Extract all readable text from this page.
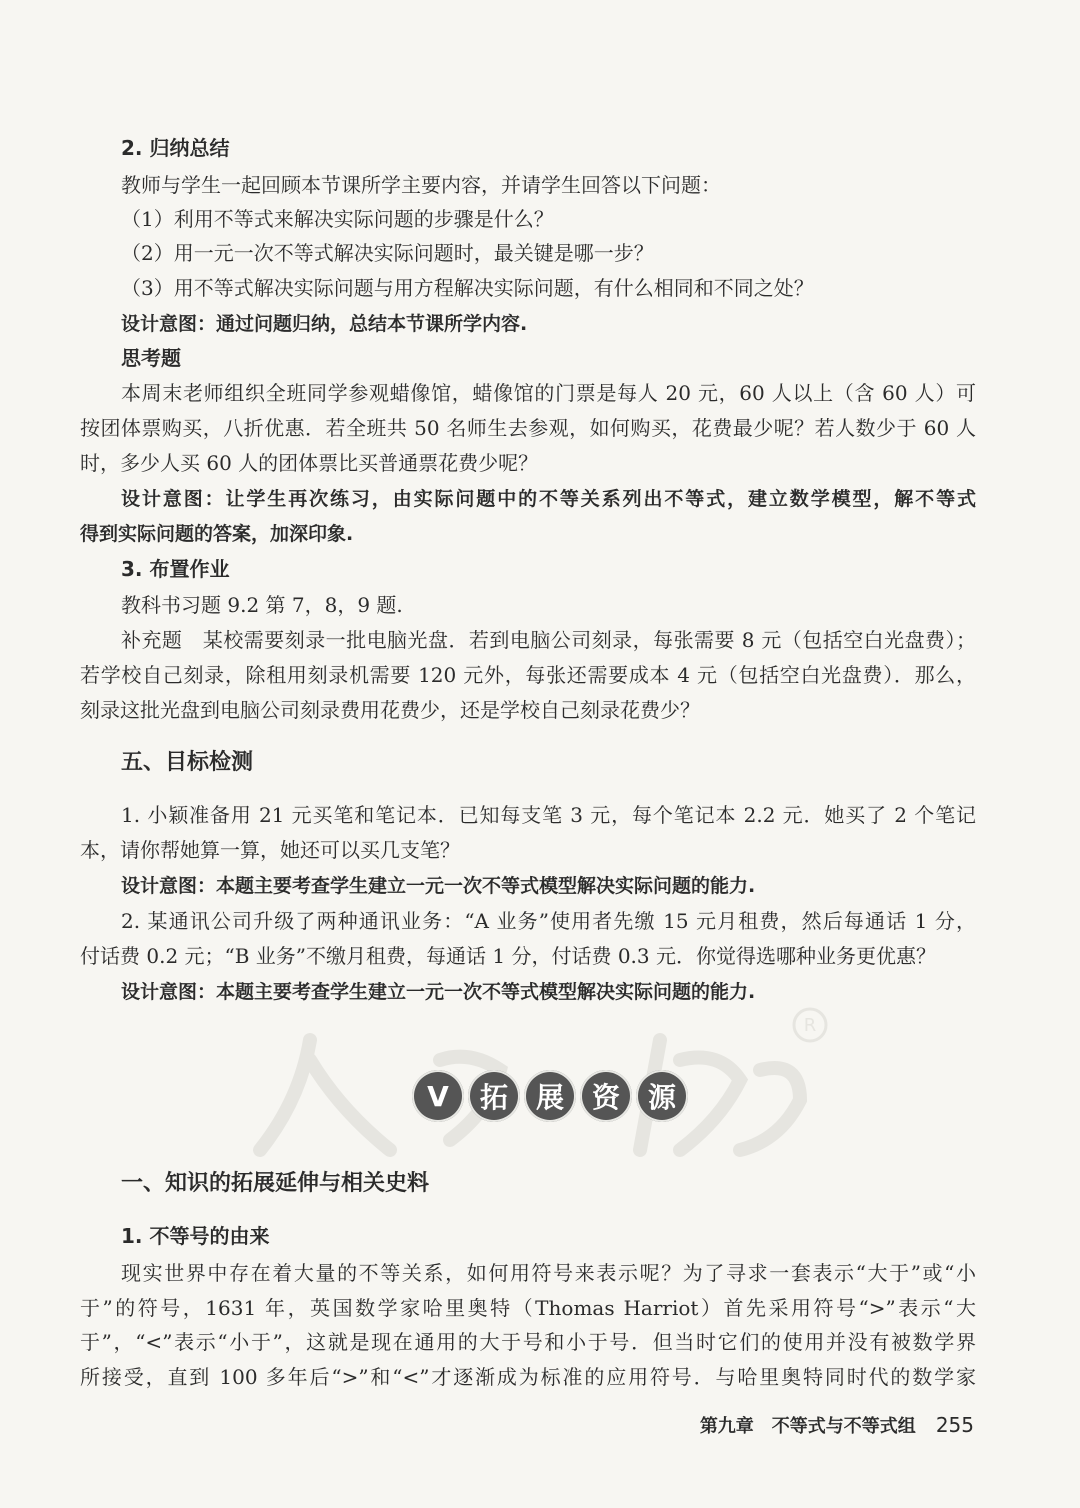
R
2. 归纳总结
教师与学生一起回顾本节课所学主要内容，并请学生回答以下问题：
（1）利用不等式来解决实际问题的步骤是什么？
（2）用一元一次不等式解决实际问题时，最关键是哪一步？
（3）用不等式解决实际问题与用方程解决实际问题，有什么相同和不同之处？
设计意图：通过问题归纳，总结本节课所学内容.
思考题
本周末老师组织全班同学参观蜡像馆，蜡像馆的门票是每人 20 元，60 人以上（含 60 人）可
按团体票购买，八折优惠．若全班共 50 名师生去参观，如何购买，花费最少呢？若人数少于 60 人
时，多少人买 60 人的团体票比买普通票花费少呢？
设计意图：让学生再次练习，由实际问题中的不等关系列出不等式，建立数学模型，解不等式
得到实际问题的答案，加深印象.
3. 布置作业
教科书习题 9.2 第 7，8，9 题.
补充题　某校需要刻录一批电脑光盘．若到电脑公司刻录，每张需要 8 元（包括空白光盘费）；
若学校自己刻录，除租用刻录机需要 120 元外，每张还需要成本 4 元（包括空白光盘费）．那么，
刻录这批光盘到电脑公司刻录费用花费少，还是学校自己刻录花费少？
五、目标检测
1. 小颖准备用 21 元买笔和笔记本．已知每支笔 3 元，每个笔记本 2.2 元．她买了 2 个笔记
本，请你帮她算一算，她还可以买几支笔？
设计意图：本题主要考查学生建立一元一次不等式模型解决实际问题的能力.
2. 某通讯公司升级了两种通讯业务：“A 业务”使用者先缴 15 元月租费，然后每通话 1 分，
付话费 0.2 元；“B 业务”不缴月租费，每通话 1 分，付话费 0.3 元．你觉得选哪种业务更优惠？
设计意图：本题主要考查学生建立一元一次不等式模型解决实际问题的能力.
V	拓 展 资 源
一、知识的拓展延伸与相关史料
1. 不等号的由来
现实世界中存在着大量的不等关系，如何用符号来表示呢？为了寻求一套表示“大于”或“小
于”的符号，1631 年，英国数学家哈里奥特（Thomas Harriot）首先采用符号“>”表示“大
于”，“<”表示“小于”，这就是现在通用的大于号和小于号．但当时它们的使用并没有被数学界
所接受，直到 100 多年后“>”和“<”才逐渐成为标准的应用符号．与哈里奥特同时代的数学家
第九章　不等式与不等式组 255
